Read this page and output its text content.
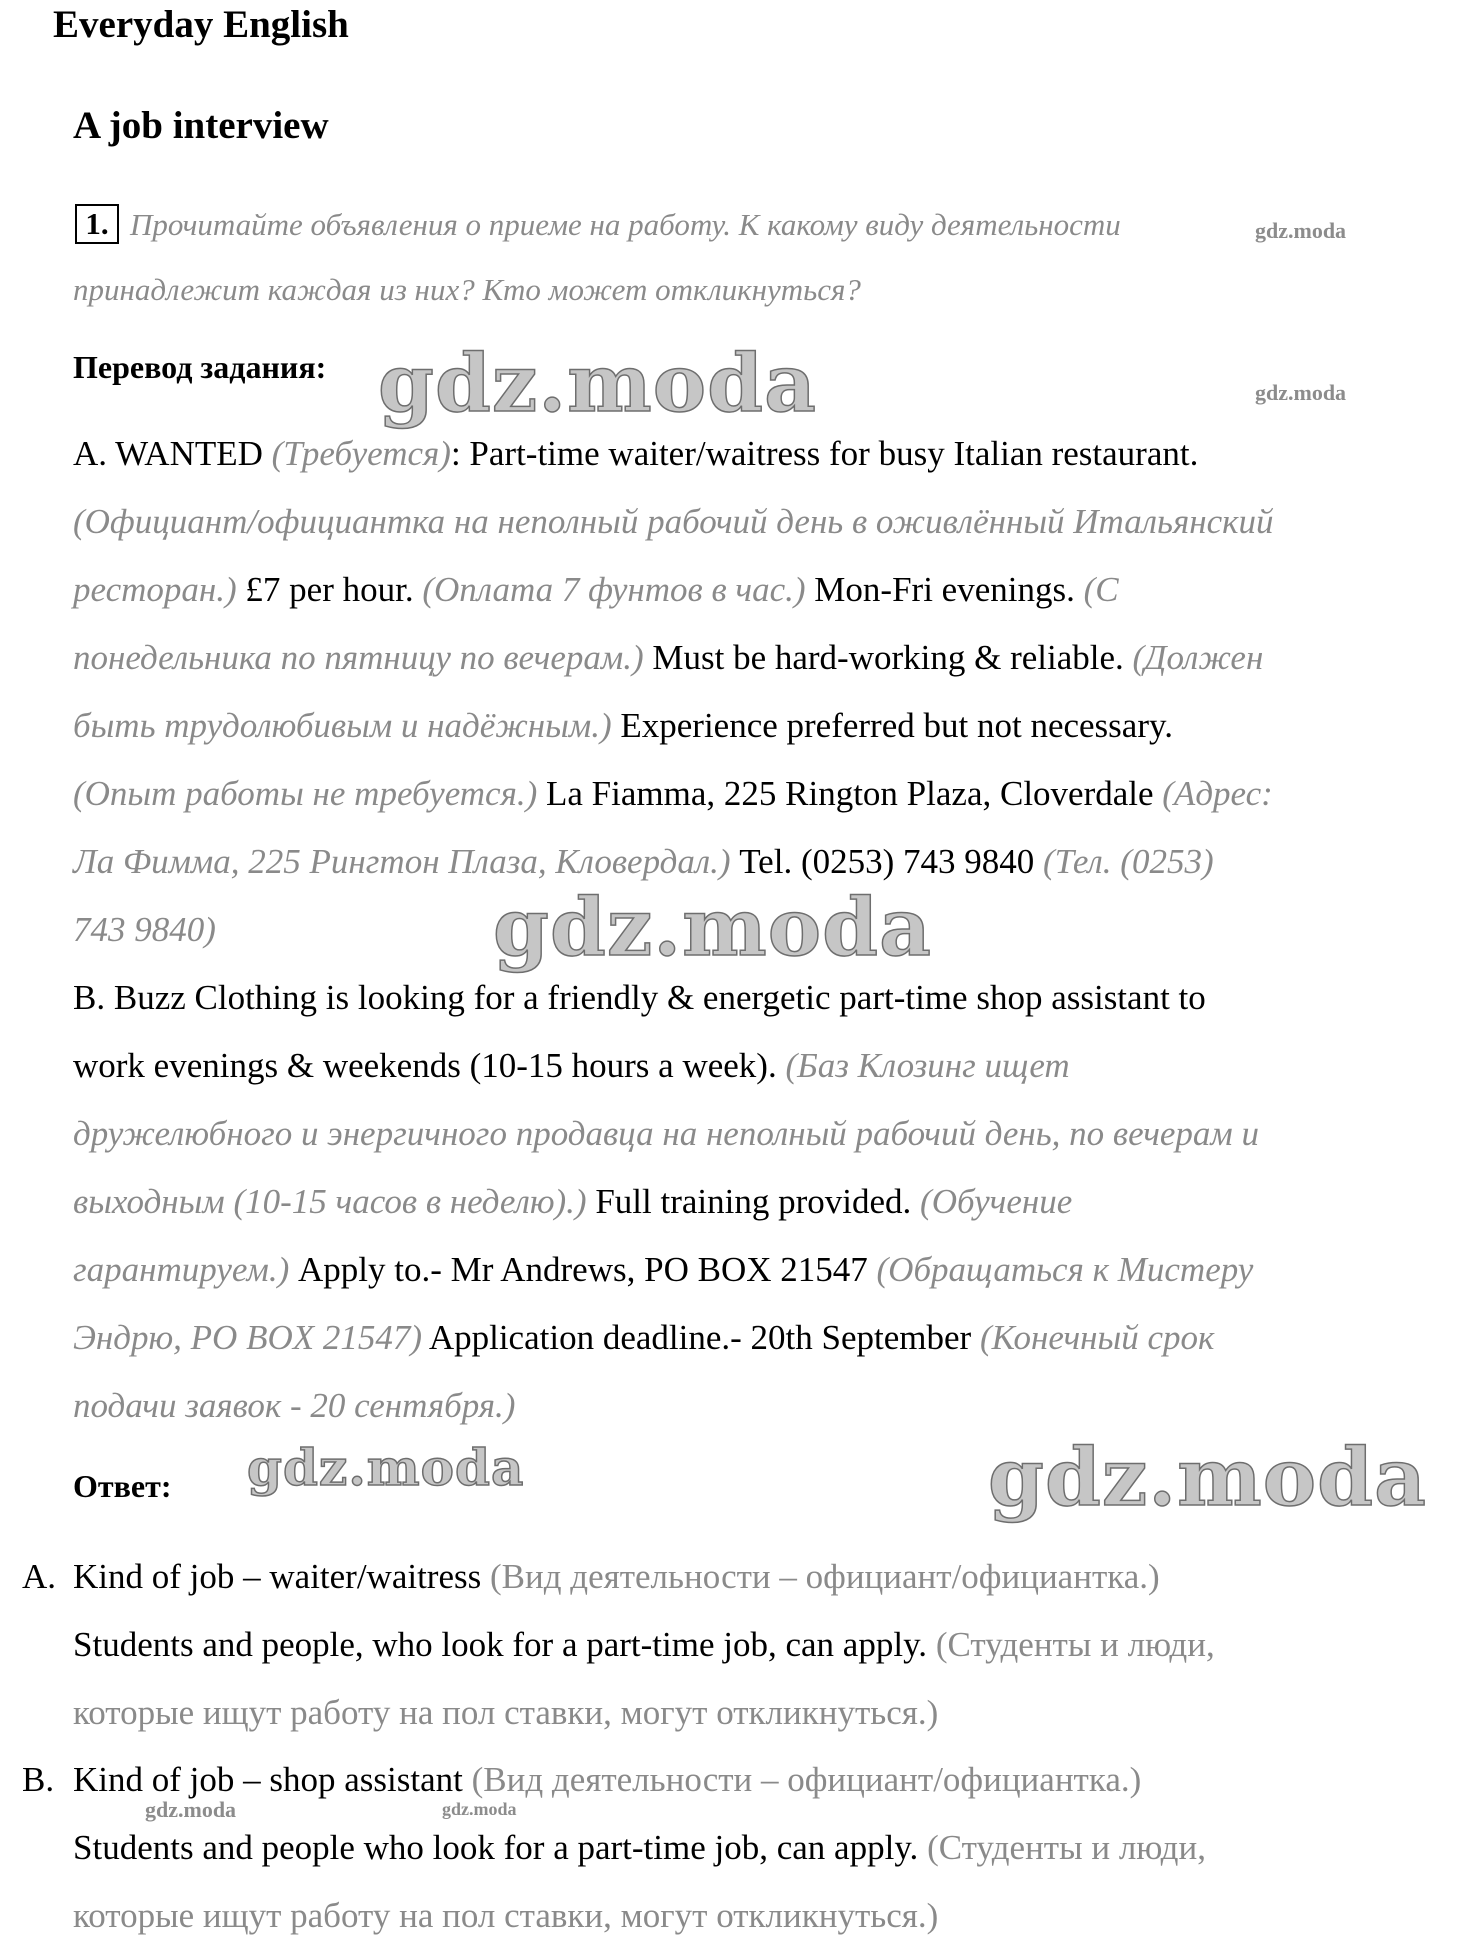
Everyday English
A job interview
1. Прочитайте объявления о приеме на работу. К какому виду деятельности
принадлежит каждая из них? Кто может откликнуться?
Перевод задания:
A. WANTED (Требуется): Part-time waiter/waitress for busy Italian restaurant.
(Официант/официантка на неполный рабочий день в оживлённый Итальянский
ресторан.) £7 per hour. (Оплата 7 фунтов в час.) Mon-Fri evenings. (С
понедельника по пятницу по вечерам.) Must be hard-working & reliable. (Должен
быть трудолюбивым и надёжным.) Experience preferred but not necessary.
(Опыт работы не требуется.) La Fiamma, 225 Rington Plaza, Cloverdale (Адрес:
Ла Фимма, 225 Рингтон Плаза, Кловердал.) Tel. (0253) 743 9840 (Тел. (0253)
743 9840)
B. Buzz Clothing is looking for a friendly & energetic part-time shop assistant to
work evenings & weekends (10-15 hours a week). (Баз Клозинг ищет
дружелюбного и энергичного продавца на неполный рабочий день, по вечерам и
выходным (10-15 часов в неделю).) Full training provided. (Обучение
гарантируем.) Apply to.- Mr Andrews, PO BOX 21547 (Обращаться к Мистеру
Эндрю, PO BOX 21547) Application deadline.- 20th September (Конечный срок
подачи заявок - 20 сентября.)
Ответ:
A. Kind of job – waiter/waitress (Вид деятельности – официант/официантка.)
Students and people, who look for a part-time job, can apply. (Студенты и люди,
которые ищут работу на пол ставки, могут откликнуться.)
B. Kind of job – shop assistant (Вид деятельности – официант/официантка.)
Students and people who look for a part-time job, can apply. (Студенты и люди,
которые ищут работу на пол ставки, могут откликнуться.)
gdz.moda
gdz.moda	gdz.moda
gdz.moda
gdz.moda	gdz.moda
gdz.moda	gdz.moda
